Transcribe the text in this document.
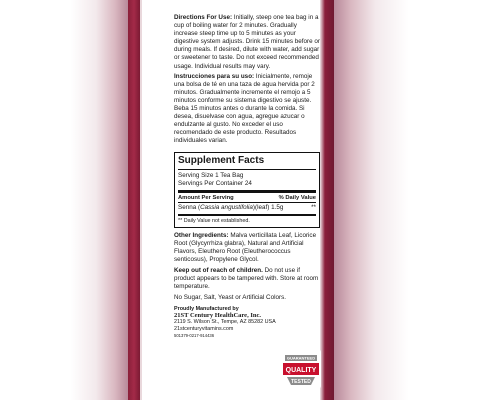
Directions For Use: Initially, steep one tea bag in a cup of boiling water for 2 minutes. Gradually increase steep time up to 5 minutes as your digestive system adjusts. Drink 15 minutes before or during meals. If desired, dilute with water, add sugar or sweetener to taste. Do not exceed recommended usage. Individual results may vary.

Instrucciones para su uso: Inicialmente, remoje una bolsa de té en una taza de agua hervida por 2 minutos. Gradualmente incremente el remojo a 5 minutos conforme su sistema digestivo se ajuste. Beba 15 minutos antes o durante la comida. Si desea, disuelvase con agua, agregue azucar o endulzante al gusto. No exceder el uso recomendado de este producto. Resultados individuales varian.

Supplement Facts
Serving Size 1 Tea Bag
Servings Per Container 24
Amount Per Serving	% Daily Value
Senna (Cassia angustifolia)(leaf) 1.5g	**
** Daily Value not established.

Other Ingredients: Malva verticillata Leaf, Licorice Root (Glycyrrhiza glabra), Natural and Artificial Flavors, Eleuthero Root (Eleutherococcus senticosus), Propylene Glycol.

Keep out of reach of children. Do not use if product appears to be tampered with. Store at room temperature.

No Sugar, Salt, Yeast or Artificial Colors.

Proudly Manufactured by
21ST Century HealthCare, Inc.
2119 S. Wilson St., Tempe, AZ 85282 USA
21stcenturyvitamins.com
501379-0217-914436
GUARANTEED
QUALITY
TESTED
